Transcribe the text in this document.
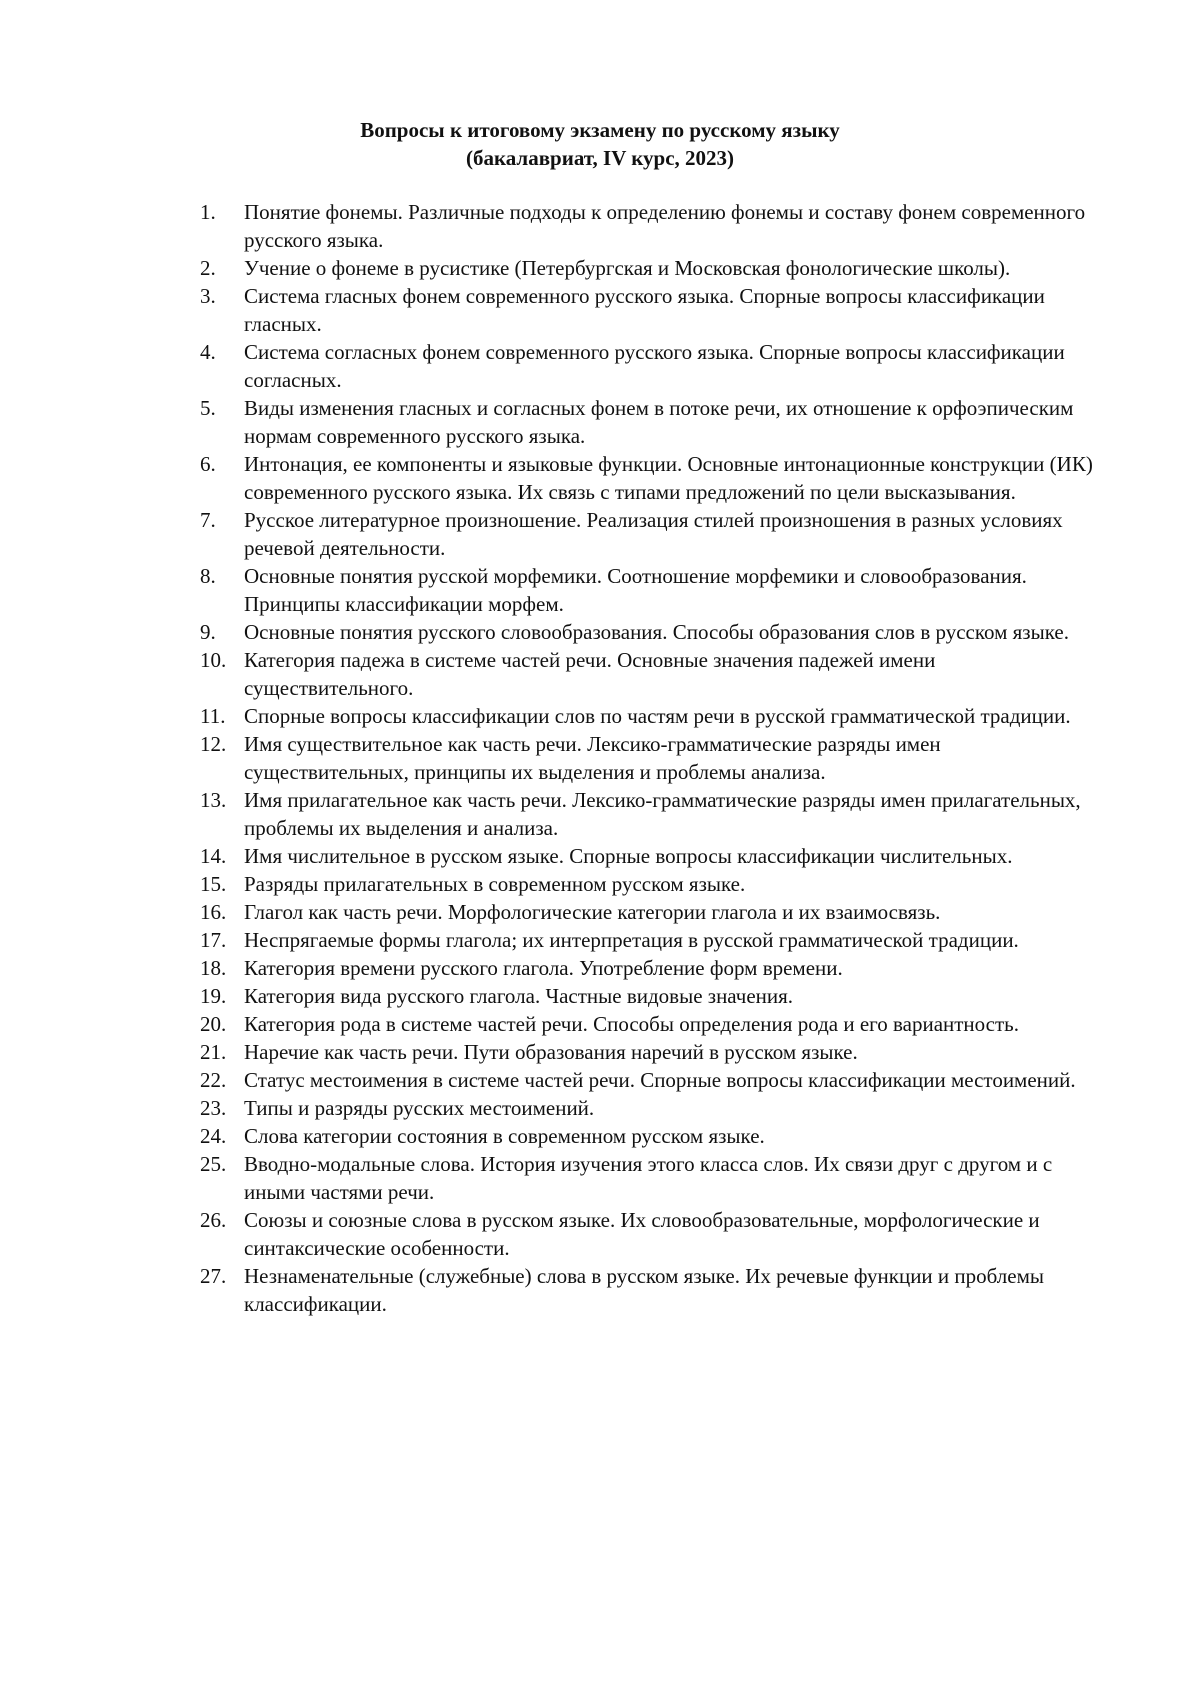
Вопросы к итоговому экзамену по русскому языку
(бакалавриат, IV курс, 2023)
1.	Понятие фонемы. Различные подходы к определению фонемы и составу фонем современного русского языка.
2.	Учение о фонеме в русистике (Петербургская и Московская фонологические школы).
3.	Система гласных фонем современного русского языка. Спорные вопросы классификации гласных.
4.	Система согласных фонем современного русского языка. Спорные вопросы классификации согласных.
5.	Виды изменения гласных и согласных фонем в потоке речи, их отношение к орфоэпическим нормам современного русского языка.
6.	Интонация, ее компоненты и языковые функции. Основные интонационные конструкции (ИК) современного русского языка. Их связь с типами предложений по цели высказывания.
7.	Русское литературное произношение. Реализация стилей произношения в разных условиях речевой деятельности.
8.	Основные понятия русской морфемики. Соотношение морфемики и словообразования. Принципы классификации морфем.
9.	Основные понятия русского словообразования. Способы образования слов в русском языке.
10. Категория падежа в системе частей речи. Основные значения падежей имени существительного.
11. Спорные вопросы классификации слов по частям речи в русской грамматической традиции.
12. Имя существительное как часть речи. Лексико-грамматические разряды имен существительных, принципы их выделения и проблемы анализа.
13. Имя прилагательное как часть речи. Лексико-грамматические разряды имен прилагательных, проблемы их выделения и анализа.
14. Имя числительное в русском языке. Спорные вопросы классификации числительных.
15. Разряды прилагательных в современном русском языке.
16. Глагол как часть речи. Морфологические категории глагола и их взаимосвязь.
17. Неспрягаемые формы глагола; их интерпретация в русской грамматической традиции.
18. Категория времени русского глагола. Употребление форм времени.
19. Категория вида русского глагола. Частные видовые значения.
20. Категория рода в системе частей речи. Способы определения рода и его вариантность.
21. Наречие как часть речи. Пути образования наречий в русском языке.
22. Статус местоимения в системе частей речи. Спорные вопросы классификации местоимений.
23. Типы и разряды русских местоимений.
24. Слова категории состояния в современном русском языке.
25. Вводно-модальные слова. История изучения этого класса слов. Их связи друг с другом и с иными частями речи.
26. Союзы и союзные слова в русском языке. Их словообразовательные, морфологические и синтаксические особенности.
27. Незнаменательные (служебные) слова в русском языке. Их речевые функции и проблемы классификации.
